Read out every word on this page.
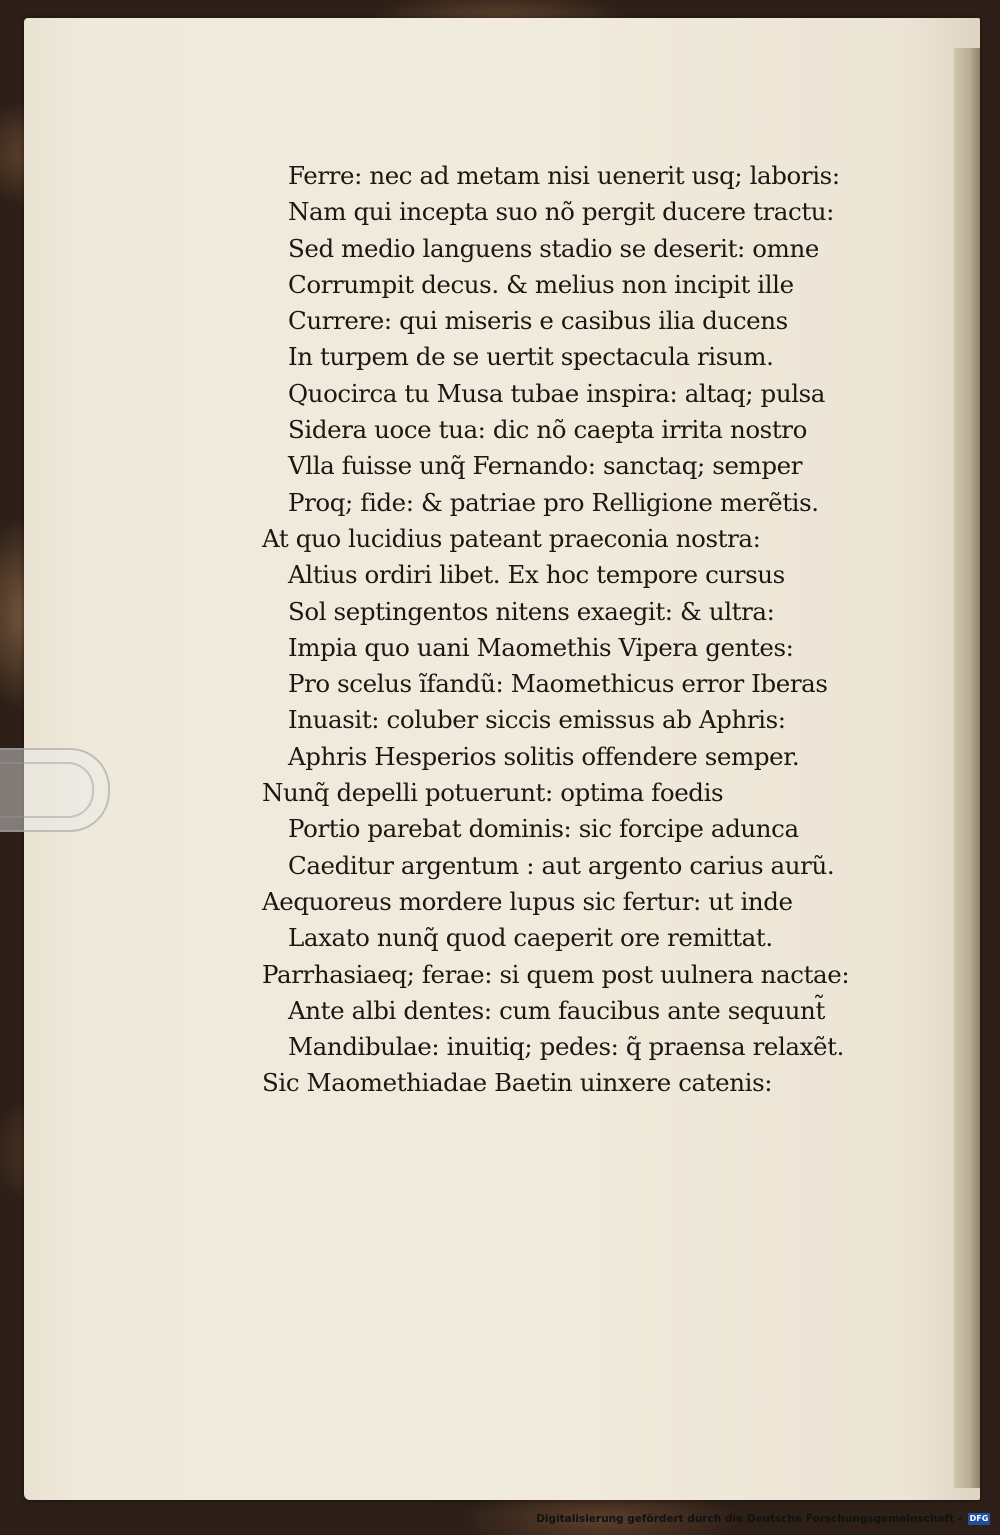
Ferre: nec ad metam nisi uenerit usq; laboris:
Nam qui incepta suo nõ pergit ducere tractu:
Sed medio languens stadio se deserit: omne
Corrumpit decus. & melius non incipit ille
Currere: qui miseris e casibus ilia ducens
In turpem de se uertit spectacula risum.
Quocirca tu Musa tubae inspira: altaq; pulsa
Sidera uoce tua: dic nõ caepta irrita nostro
Vlla fuisse unq̃ Fernando: sanctaq; semper
Proq; fide: & patriae pro Relligione merẽtis.
At quo lucidius pateant praeconia nostra:
Altius ordiri libet. Ex hoc tempore cursus
Sol septingentos nitens exaegit: & ultra:
Impia quo uani Maomethis Vipera gentes:
Pro scelus ĩfandũ: Maomethicus error Iberas
Inuasit: coluber siccis emissus ab Aphris:
Aphris Hesperios solitis offendere semper.
Nunq̃ depelli potuerunt: optima foedis
Portio parebat dominis: sic forcipe adunca
Caeditur argentum : aut argento carius aurũ.
Aequoreus mordere lupus sic fertur: ut inde
Laxato nunq̃ quod caeperit ore remittat.
Parrhasiaeq; ferae: si quem post uulnera nactae:
Ante albi dentes: cum faucibus ante sequunt̃
Mandibulae: inuitiq; pedes: q̃ praensa relaxẽt.
Sic Maomethiadae Baetin uinxere catenis:
Digitalisierung gefördert durch die Deutsche Forschungsgemeinschaft - DFG
